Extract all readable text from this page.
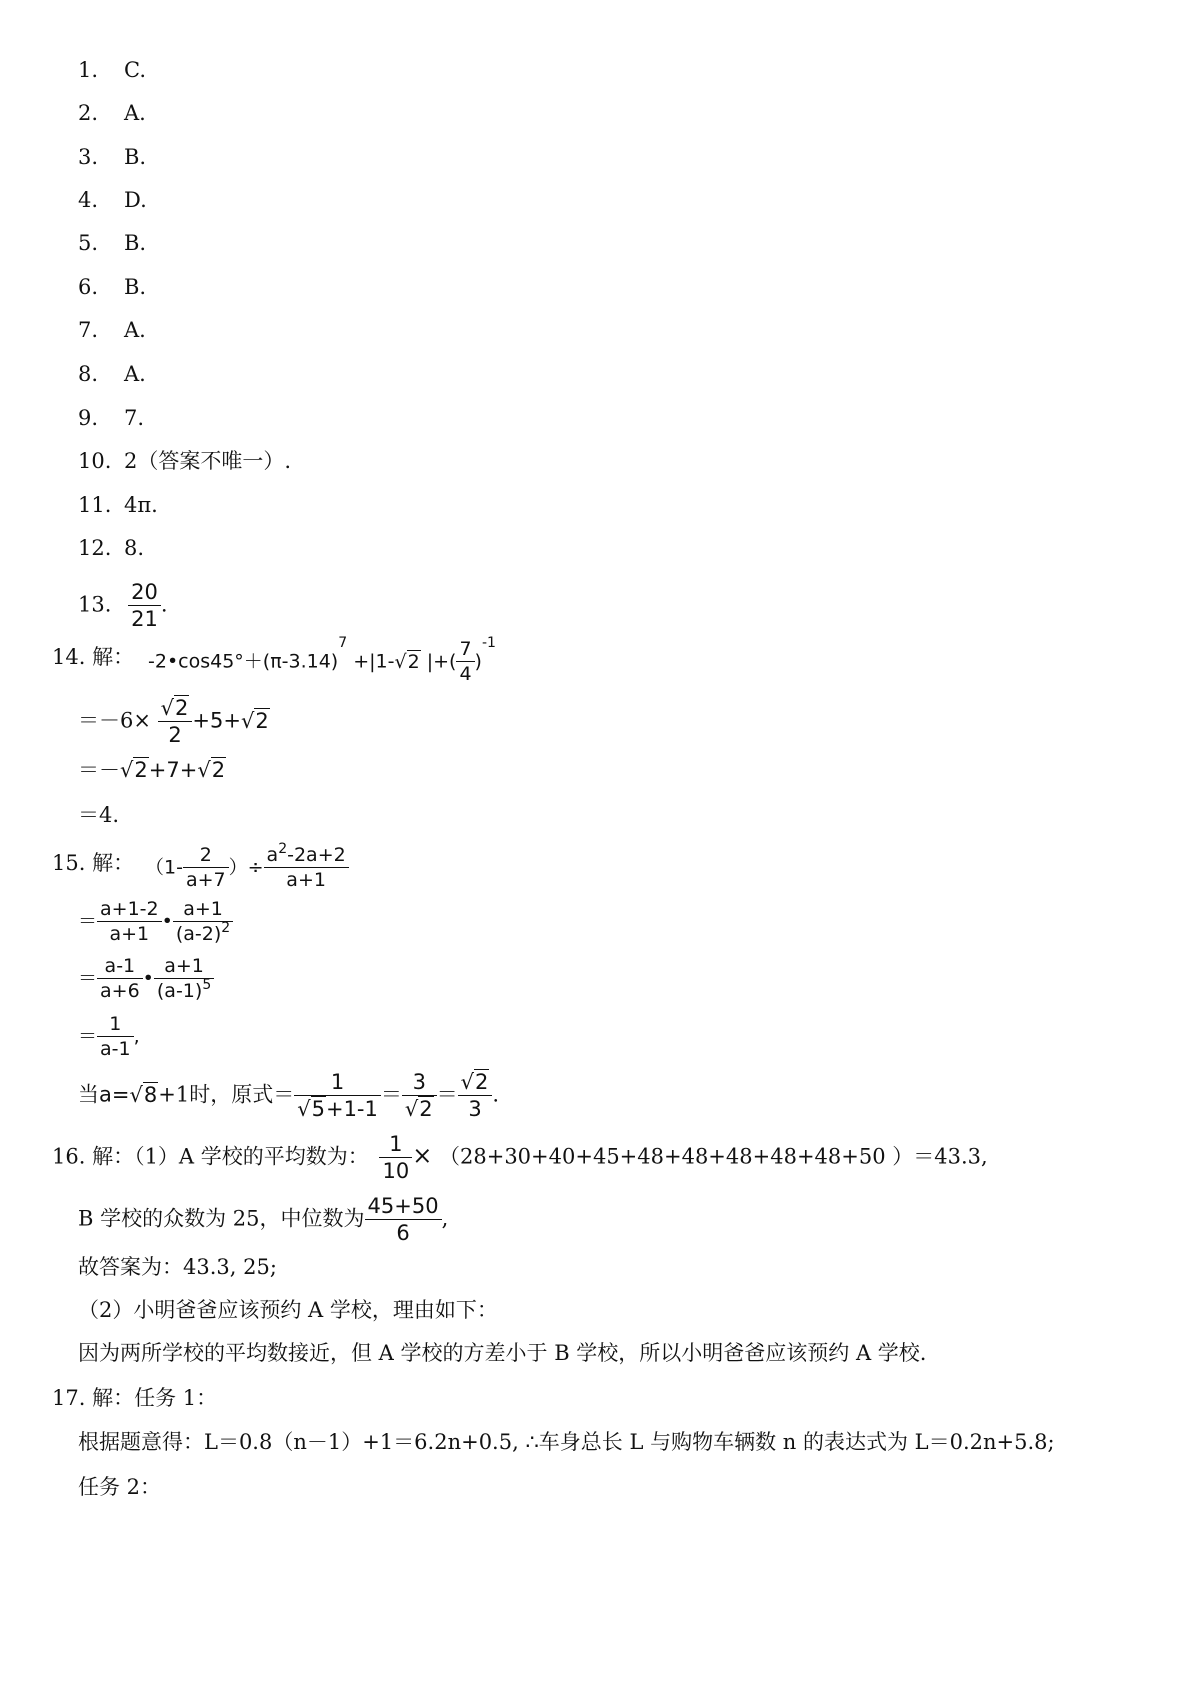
1. C.
2. A.
3. B.
4. D.
5. B.
6. B.
7. A.
8. A.
9. 7.
10. 2（答案不唯一）.
11. 4π.
12. 8.
13. $\frac{20}{21}$ .
14. 解： $-2•\cos 45^\circ+(\pi-3.14)^7 +|1-√2$ |+( $\frac{7}{4} )^{-1}$
$=-6\times \frac{√2}{2} +5+√2$
＝－√2+7+√2
＝4.
15. 解： （$1- \frac{2}{a+7}$ ）÷ $\frac{a^2-2a+2}{a+1}$
＝ $\frac{a+1-2}{a+1}$ • $\frac{a+1}{(a-2)^2}$
＝ $\frac{a-1}{a+6}$ • $\frac{a+1}{(a-1)^5}$
＝ $\frac{1}{a-1}$ ,
当a=√8+1时，原式＝ $\frac{1}{√5+1-1} = \frac{3}{√2} = \frac{√2}{3}$ .
16. 解：（1）A 学校的平均数为： $\frac{1}{10} \times (28+30+40+45+48+48+48+48+48+50$ ）＝43.3,
B 学校的众数为 25，中位数为 $\frac{45+50}{6}$ ,
故答案为：43.3, 25;
（2）小明爸爸应该预约 A 学校，理由如下：
因为两所学校的平均数接近，但 A 学校的方差小于 B 学校，所以小明爸爸应该预约 A 学校.
17. 解：任务 1：
根据题意得：L＝0.8（n－1）+1＝6.2n+0.5, ∴车身总长 L 与购物车辆数 n 的表达式为 L＝0.2n+5.8;
任务 2：
